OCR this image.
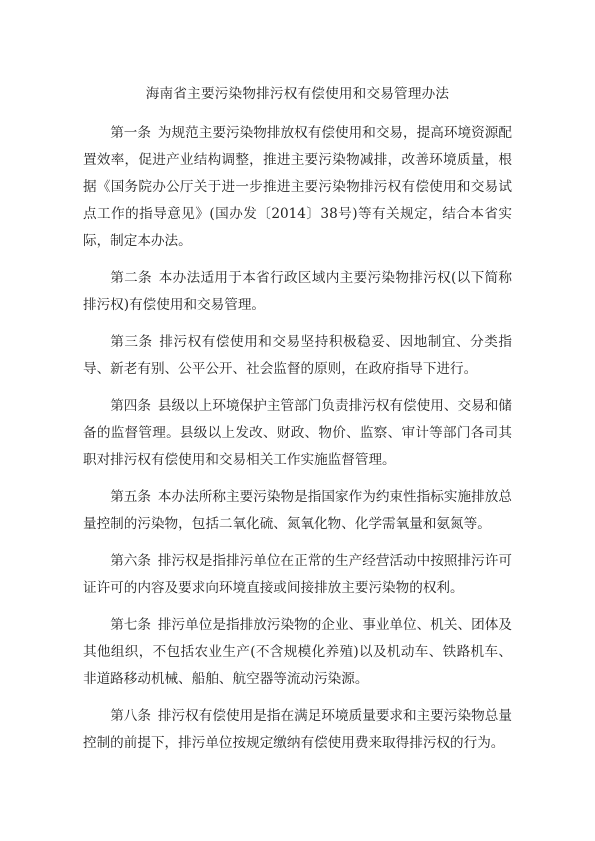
海南省主要污染物排污权有偿使用和交易管理办法

第一条 为规范主要污染物排放权有偿使用和交易，提高环境资源配置效率，促进产业结构调整，推进主要污染物减排，改善环境质量，根据《国务院办公厅关于进一步推进主要污染物排污权有偿使用和交易试点工作的指导意见》(国办发〔2014〕38号)等有关规定，结合本省实际，制定本办法。

第二条 本办法适用于本省行政区域内主要污染物排污权(以下简称排污权)有偿使用和交易管理。

第三条 排污权有偿使用和交易坚持积极稳妥、因地制宜、分类指导、新老有别、公平公开、社会监督的原则，在政府指导下进行。

第四条 县级以上环境保护主管部门负责排污权有偿使用、交易和储备的监督管理。县级以上发改、财政、物价、监察、审计等部门各司其职对排污权有偿使用和交易相关工作实施监督管理。

第五条 本办法所称主要污染物是指国家作为约束性指标实施排放总量控制的污染物，包括二氧化硫、氮氧化物、化学需氧量和氨氮等。

第六条 排污权是指排污单位在正常的生产经营活动中按照排污许可证许可的内容及要求向环境直接或间接排放主要污染物的权利。

第七条 排污单位是指排放污染物的企业、事业单位、机关、团体及其他组织，不包括农业生产(不含规模化养殖)以及机动车、铁路机车、非道路移动机械、船舶、航空器等流动污染源。

第八条 排污权有偿使用是指在满足环境质量要求和主要污染物总量控制的前提下，排污单位按规定缴纳有偿使用费来取得排污权的行为。
